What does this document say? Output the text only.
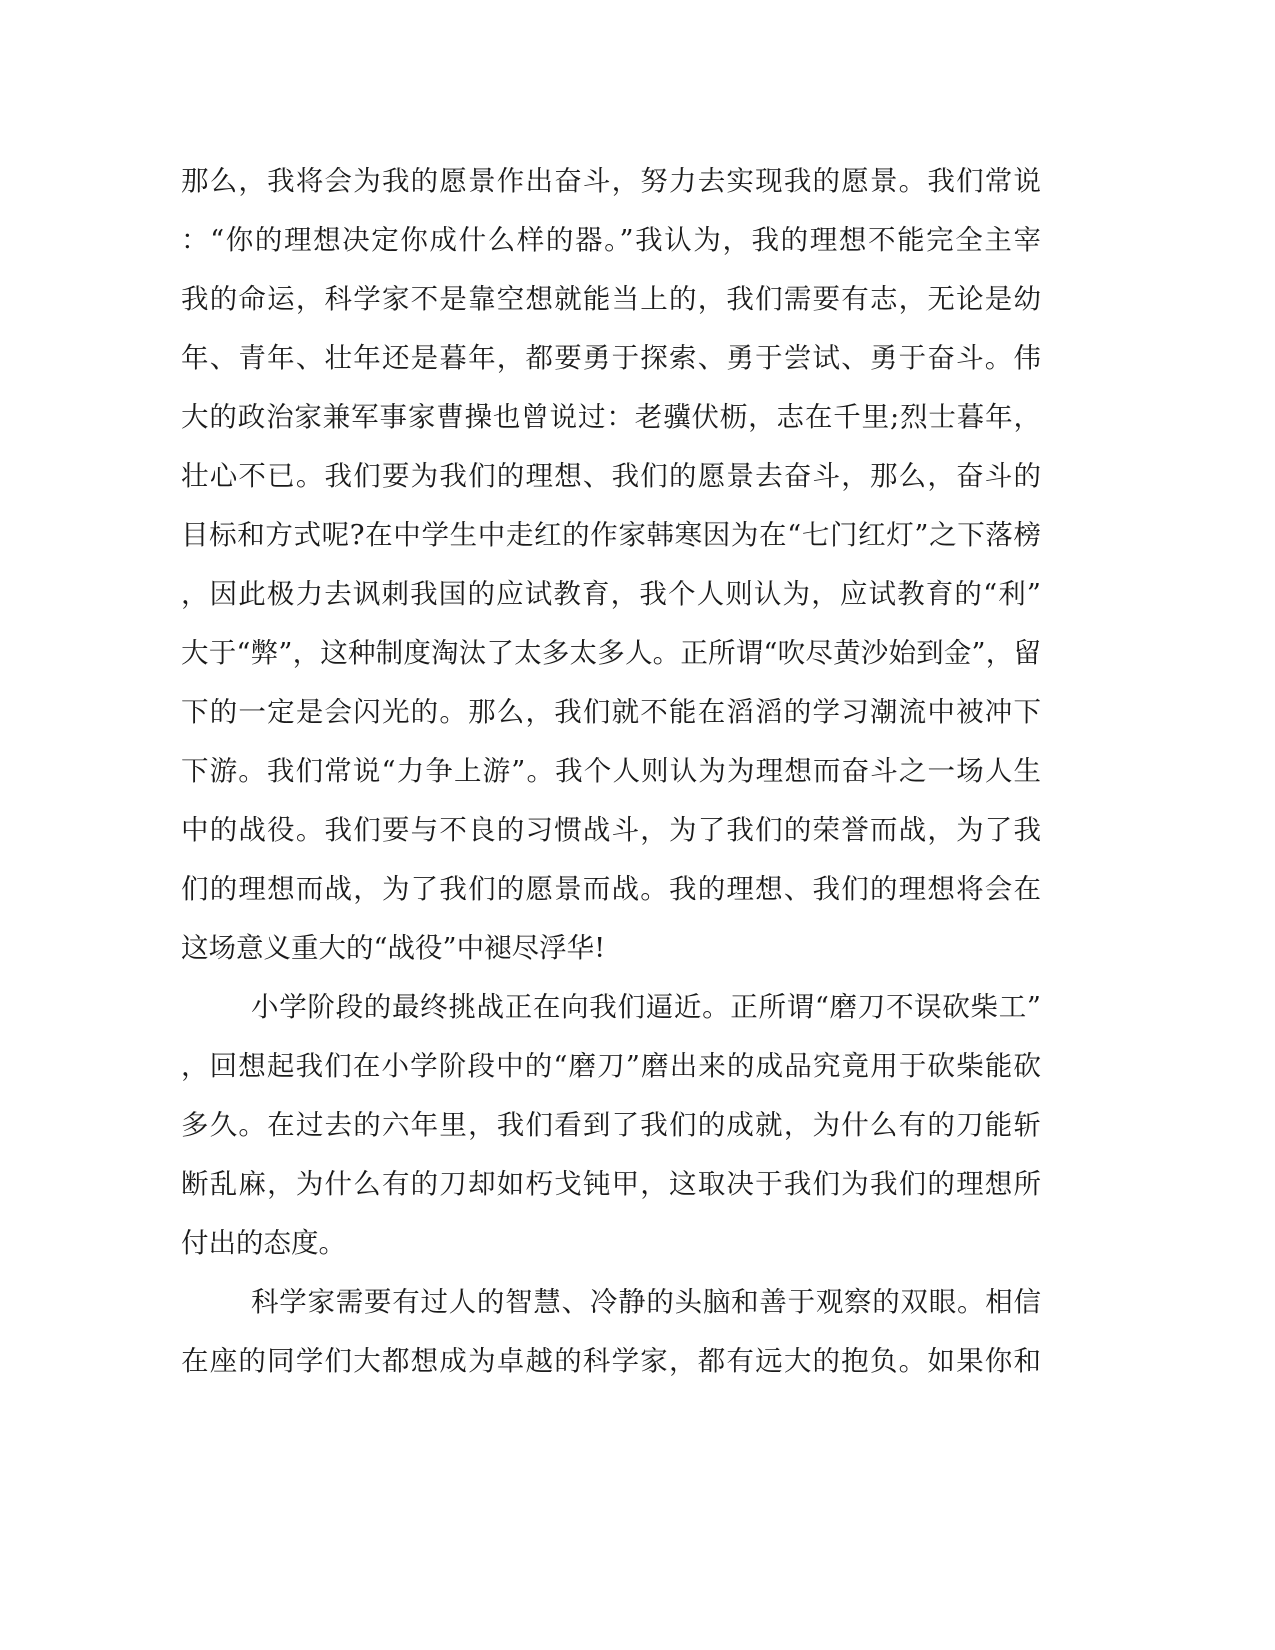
那么，我将会为我的愿景作出奋斗，努力去实现我的愿景。我们常说
：“你的理想决定你成什么样的器。”我认为，我的理想不能完全主宰
我的命运，科学家不是靠空想就能当上的，我们需要有志，无论是幼
年、青年、壮年还是暮年，都要勇于探索、勇于尝试、勇于奋斗。伟
大的政治家兼军事家曹操也曾说过：老骥伏枥，志在千里;烈士暮年，
壮心不已。我们要为我们的理想、我们的愿景去奋斗，那么，奋斗的
目标和方式呢?在中学生中走红的作家韩寒因为在“七门红灯”之下落榜
，因此极力去讽刺我国的应试教育，我个人则认为，应试教育的“利”
大于“弊”，这种制度淘汰了太多太多人。正所谓“吹尽黄沙始到金”，留
下的一定是会闪光的。那么，我们就不能在滔滔的学习潮流中被冲下
下游。我们常说“力争上游”。我个人则认为为理想而奋斗之一场人生
中的战役。我们要与不良的习惯战斗，为了我们的荣誉而战，为了我
们的理想而战，为了我们的愿景而战。我的理想、我们的理想将会在
这场意义重大的“战役”中褪尽浮华!
小学阶段的最终挑战正在向我们逼近。正所谓“磨刀不误砍柴工”
，回想起我们在小学阶段中的“磨刀”磨出来的成品究竟用于砍柴能砍
多久。在过去的六年里，我们看到了我们的成就，为什么有的刀能斩
断乱麻，为什么有的刀却如朽戈钝甲，这取决于我们为我们的理想所
付出的态度。
科学家需要有过人的智慧、冷静的头脑和善于观察的双眼。相信
在座的同学们大都想成为卓越的科学家，都有远大的抱负。如果你和
